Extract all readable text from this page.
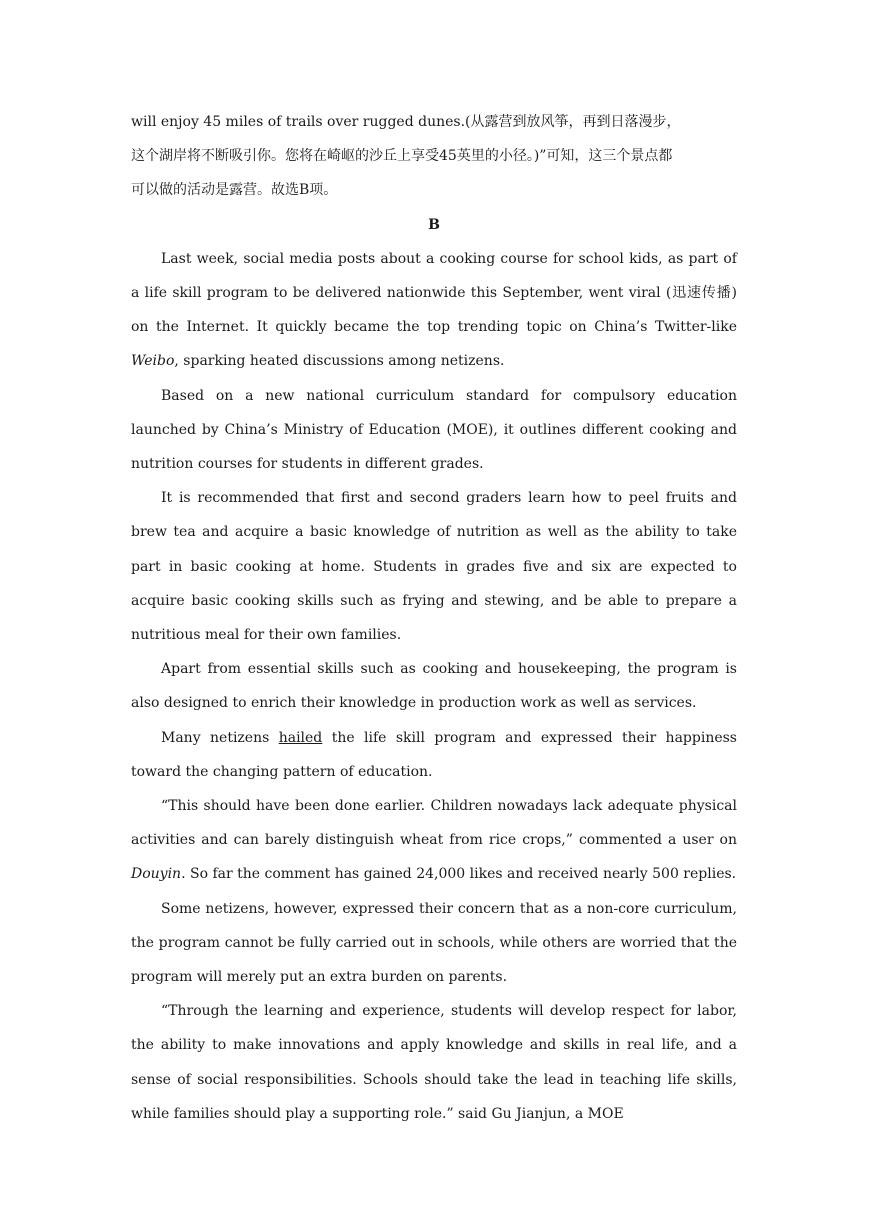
will enjoy 45 miles of trails over rugged dunes.(从露营到放风筝，再到日落漫步，
这个湖岸将不断吸引你。您将在崎岖的沙丘上享受45英里的小径。)”可知，这三个景点都
可以做的活动是露营。故选B项。

B

Last week, social media posts about a cooking course for school kids, as part of a life skill program to be delivered nationwide this September, went viral (迅速传播) on the Internet. It quickly became the top trending topic on China’s Twitter-like Weibo, sparking heated discussions among netizens.

Based on a new national curriculum standard for compulsory education launched by China’s Ministry of Education (MOE), it outlines different cooking and nutrition courses for students in different grades.

It is recommended that first and second graders learn how to peel fruits and brew tea and acquire a basic knowledge of nutrition as well as the ability to take part in basic cooking at home. Students in grades five and six are expected to acquire basic cooking skills such as frying and stewing, and be able to prepare a nutritious meal for their own families.

Apart from essential skills such as cooking and housekeeping, the program is also designed to enrich their knowledge in production work as well as services.

Many netizens hailed the life skill program and expressed their happiness toward the changing pattern of education.

“This should have been done earlier. Children nowadays lack adequate physical activities and can barely distinguish wheat from rice crops,” commented a user on Douyin. So far the comment has gained 24,000 likes and received nearly 500 replies.

Some netizens, however, expressed their concern that as a non-core curriculum, the program cannot be fully carried out in schools, while others are worried that the program will merely put an extra burden on parents.

“Through the learning and experience, students will develop respect for labor, the ability to make innovations and apply knowledge and skills in real life, and a sense of social responsibilities. Schools should take the lead in teaching life skills, while families should play a supporting role.” said Gu Jianjun, a MOE
